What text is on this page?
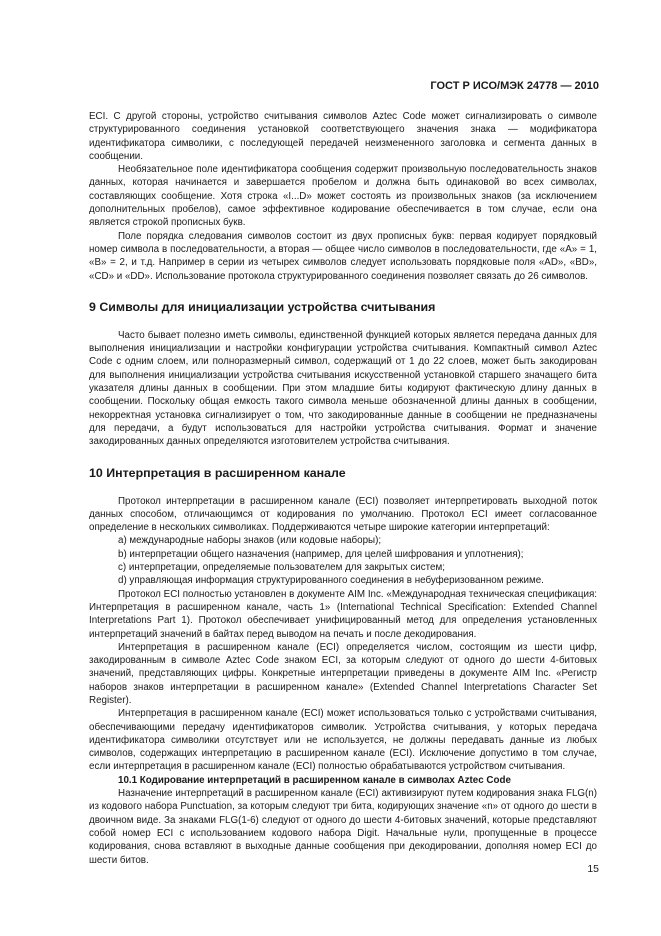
ГОСТ Р ИСО/МЭК 24778 — 2010

ECI. С другой стороны, устройство считывания символов Aztec Code может сигнализировать о символе структурированного соединения установкой соответствующего значения знака — модификатора идентификатора символики, с последующей передачей неизмененного заголовка и сегмента данных в сообщении.

Необязательное поле идентификатора сообщения содержит произвольную последовательность знаков данных, которая начинается и завершается пробелом и должна быть одинаковой во всех символах, составляющих сообщение. Хотя строка «I...D» может состоять из произвольных знаков (за исключением дополнительных пробелов), самое эффективное кодирование обеспечивается в том случае, если она является строкой прописных букв.

Поле порядка следования символов состоит из двух прописных букв: первая кодирует порядковый номер символа в последовательности, а вторая — общее число символов в последовательности, где «A» = 1, «B» = 2, и т.д. Например в серии из четырех символов следует использовать порядковые поля «AD», «BD», «CD» и «DD». Использование протокола структурированного соединения позволяет связать до 26 символов.

9 Символы для инициализации устройства считывания

Часто бывает полезно иметь символы, единственной функцией которых является передача данных для выполнения инициализации и настройки конфигурации устройства считывания. Компактный символ Aztec Code с одним слоем, или полноразмерный символ, содержащий от 1 до 22 слоев, может быть закодирован для выполнения инициализации устройства считывания искусственной установкой старшего значащего бита указателя длины данных в сообщении. При этом младшие биты кодируют фактическую длину данных в сообщении. Поскольку общая емкость такого символа меньше обозначенной длины данных в сообщении, некорректная установка сигнализирует о том, что закодированные данные в сообщении не предназначены для передачи, а будут использоваться для настройки устройства считывания. Формат и значение закодированных данных определяются изготовителем устройства считывания.

10 Интерпретация в расширенном канале

Протокол интерпретации в расширенном канале (ECI) позволяет интерпретировать выходной поток данных способом, отличающимся от кодирования по умолчанию. Протокол ECI имеет согласованное определение в нескольких символиках. Поддерживаются четыре широкие категории интерпретаций:

a) международные наборы знаков (или кодовые наборы);
b) интерпретации общего назначения (например, для целей шифрования и уплотнения);
c) интерпретации, определяемые пользователем для закрытых систем;
d) управляющая информация структурированного соединения в небуферизованном режиме.

Протокол ECI полностью установлен в документе AIM Inc. «Международная техническая спецификация: Интерпретация в расширенном канале, часть 1» (International Technical Specification: Extended Channel Interpretations Part 1). Протокол обеспечивает унифицированный метод для определения установленных интерпретаций значений в байтах перед выводом на печать и после декодирования.

Интерпретация в расширенном канале (ECI) определяется числом, состоящим из шести цифр, закодированным в символе Aztec Code знаком ECI, за которым следуют от одного до шести 4-битовых значений, представляющих цифры. Конкретные интерпретации приведены в документе AIM Inc. «Регистр наборов знаков интерпретации в расширенном канале» (Extended Channel Interpretations Character Set Register).

Интерпретация в расширенном канале (ECI) может использоваться только с устройствами считывания, обеспечивающими передачу идентификаторов символик. Устройства считывания, у которых передача идентификатора символики отсутствует или не используется, не должны передавать данные из любых символов, содержащих интерпретацию в расширенном канале (ECI). Исключение допустимо в том случае, если интерпретация в расширенном канале (ECI) полностью обрабатываются устройством считывания.

10.1 Кодирование интерпретаций в расширенном канале в символах Aztec Code

Назначение интерпретаций в расширенном канале (ECI) активизируют путем кодирования знака FLG(n) из кодового набора Punctuation, за которым следуют три бита, кодирующих значение «n» от одного до шести в двоичном виде. За знаками FLG(1-6) следуют от одного до шести 4-битовых значений, которые представляют собой номер ECI с использованием кодового набора Digit. Начальные нули, пропущенные в процессе кодирования, снова вставляют в выходные данные сообщения при декодировании, дополняя номер ECI до шести битов.

15
